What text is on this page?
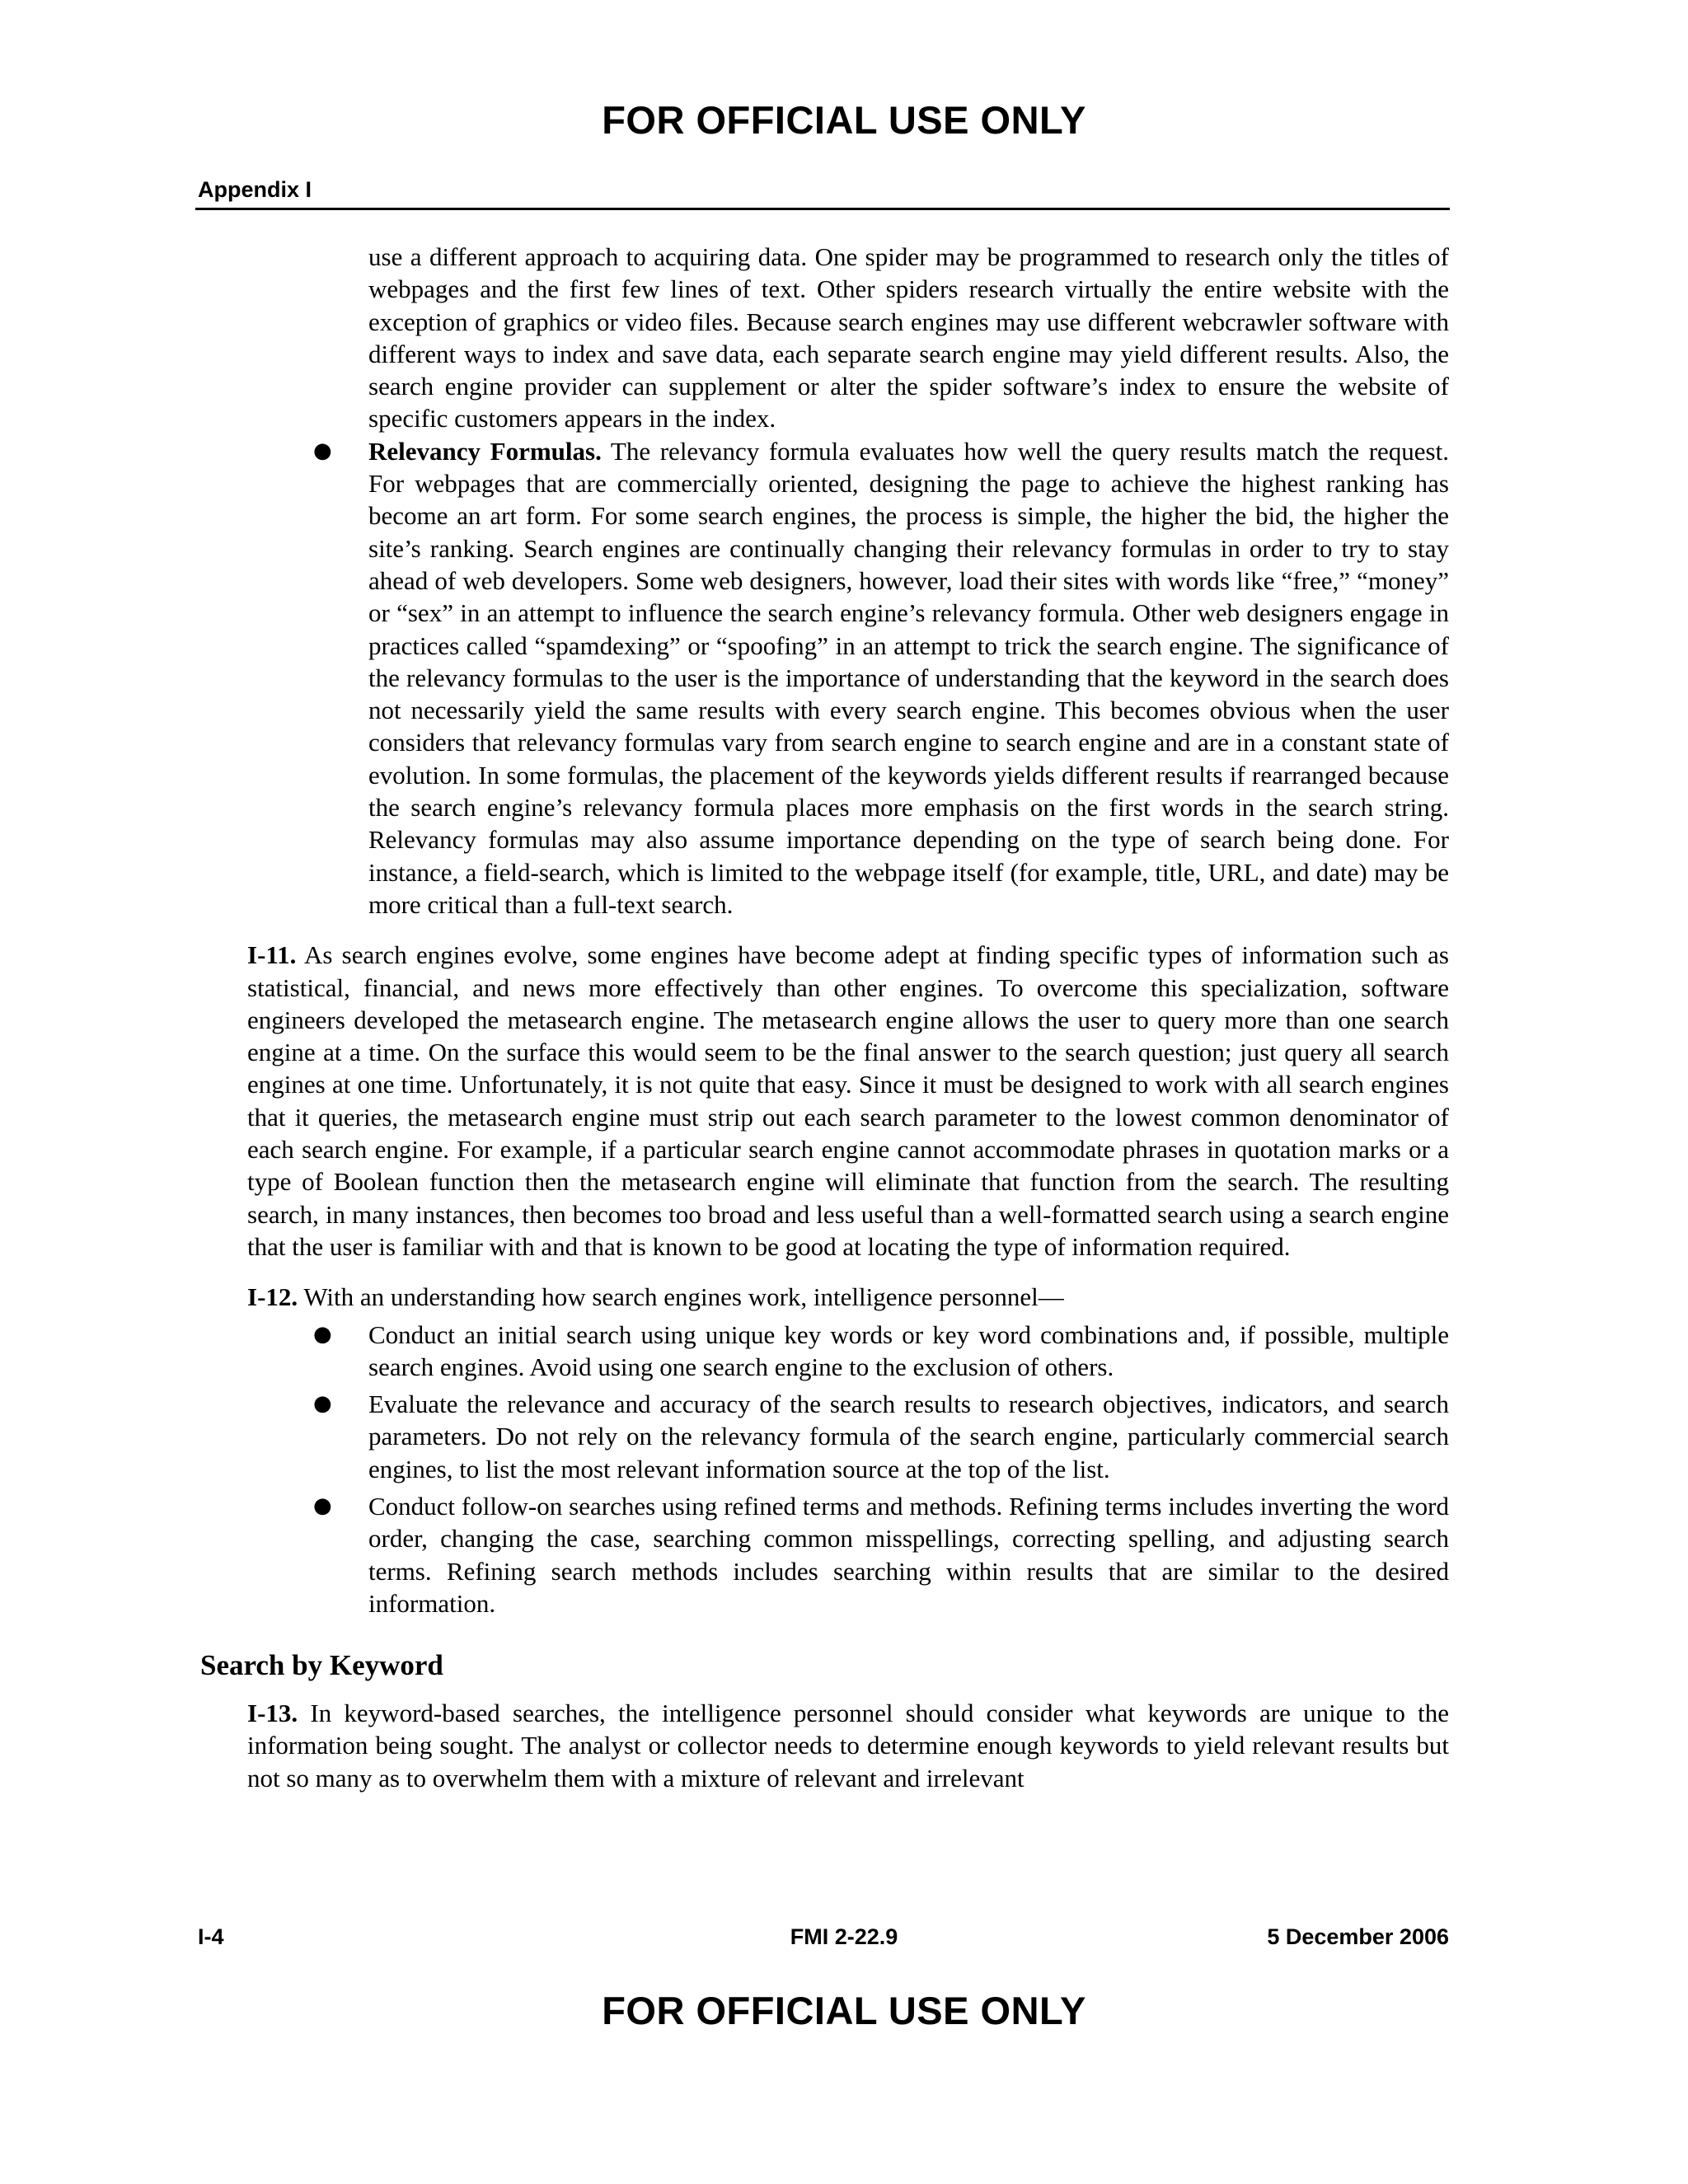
FOR OFFICIAL USE ONLY
Appendix I

use a different approach to acquiring data. One spider may be programmed to research only the titles of webpages and the first few lines of text. Other spiders research virtually the entire website with the exception of graphics or video files. Because search engines may use different webcrawler software with different ways to index and save data, each separate search engine may yield different results. Also, the search engine provider can supplement or alter the spider software’s index to ensure the website of specific customers appears in the index.

● Relevancy Formulas. The relevancy formula evaluates how well the query results match the request. For webpages that are commercially oriented, designing the page to achieve the highest ranking has become an art form. For some search engines, the process is simple, the higher the bid, the higher the site’s ranking. Search engines are continually changing their relevancy formulas in order to try to stay ahead of web developers. Some web designers, however, load their sites with words like “free,” “money” or “sex” in an attempt to influence the search engine’s relevancy formula. Other web designers engage in practices called “spamdexing” or “spoofing” in an attempt to trick the search engine. The significance of the relevancy formulas to the user is the importance of understanding that the keyword in the search does not necessarily yield the same results with every search engine. This becomes obvious when the user considers that relevancy formulas vary from search engine to search engine and are in a constant state of evolution. In some formulas, the placement of the keywords yields different results if rearranged because the search engine’s relevancy formula places more emphasis on the first words in the search string. Relevancy formulas may also assume importance depending on the type of search being done. For instance, a field-search, which is limited to the webpage itself (for example, title, URL, and date) may be more critical than a full-text search.

I-11. As search engines evolve, some engines have become adept at finding specific types of information such as statistical, financial, and news more effectively than other engines. To overcome this specialization, software engineers developed the metasearch engine. The metasearch engine allows the user to query more than one search engine at a time. On the surface this would seem to be the final answer to the search question; just query all search engines at one time. Unfortunately, it is not quite that easy. Since it must be designed to work with all search engines that it queries, the metasearch engine must strip out each search parameter to the lowest common denominator of each search engine. For example, if a particular search engine cannot accommodate phrases in quotation marks or a type of Boolean function then the metasearch engine will eliminate that function from the search. The resulting search, in many instances, then becomes too broad and less useful than a well-formatted search using a search engine that the user is familiar with and that is known to be good at locating the type of information required.

I-12. With an understanding how search engines work, intelligence personnel—

● Conduct an initial search using unique key words or key word combinations and, if possible, multiple search engines. Avoid using one search engine to the exclusion of others.
● Evaluate the relevance and accuracy of the search results to research objectives, indicators, and search parameters. Do not rely on the relevancy formula of the search engine, particularly commercial search engines, to list the most relevant information source at the top of the list.
● Conduct follow-on searches using refined terms and methods. Refining terms includes inverting the word order, changing the case, searching common misspellings, correcting spelling, and adjusting search terms. Refining search methods includes searching within results that are similar to the desired information.
Search by Keyword

I-13. In keyword-based searches, the intelligence personnel should consider what keywords are unique to the information being sought. The analyst or collector needs to determine enough keywords to yield relevant results but not so many as to overwhelm them with a mixture of relevant and irrelevant

I-4	FMI 2-22.9	5 December 2006
FOR OFFICIAL USE ONLY
